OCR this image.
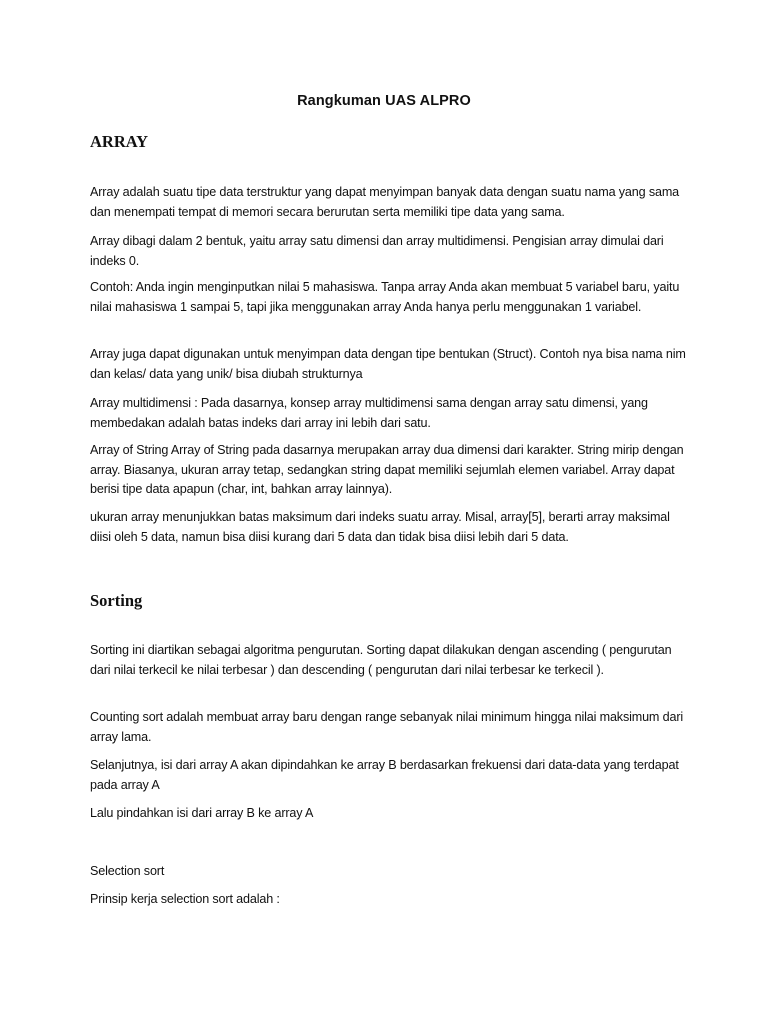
Rangkuman UAS ALPRO
ARRAY

Array adalah suatu tipe data terstruktur yang dapat menyimpan banyak data dengan suatu nama yang sama dan menempati tempat di memori secara berurutan serta memiliki tipe data yang sama.

Array dibagi dalam 2 bentuk, yaitu array satu dimensi dan array multidimensi. Pengisian array dimulai dari indeks 0.

Contoh: Anda ingin menginputkan nilai 5 mahasiswa. Tanpa array Anda akan membuat 5 variabel baru, yaitu nilai mahasiswa 1 sampai 5, tapi jika menggunakan array Anda hanya perlu menggunakan 1 variabel.

Array juga dapat digunakan untuk menyimpan data dengan tipe bentukan (Struct). Contoh nya bisa nama nim dan kelas/ data yang unik/ bisa diubah strukturnya

Array multidimensi : Pada dasarnya, konsep array multidimensi sama dengan array satu dimensi, yang membedakan adalah batas indeks dari array ini lebih dari satu.

Array of String Array of String pada dasarnya merupakan array dua dimensi dari karakter. String mirip dengan array. Biasanya, ukuran array tetap, sedangkan string dapat memiliki sejumlah elemen variabel. Array dapat berisi tipe data apapun (char, int, bahkan array lainnya).

ukuran array menunjukkan batas maksimum dari indeks suatu array. Misal, array[5], berarti array maksimal diisi oleh 5 data, namun bisa diisi kurang dari 5 data dan tidak bisa diisi lebih dari 5 data.

Sorting

Sorting ini diartikan sebagai algoritma pengurutan. Sorting dapat dilakukan dengan ascending ( pengurutan dari nilai terkecil ke nilai terbesar ) dan descending ( pengurutan dari nilai terbesar ke terkecil ).

Counting sort adalah membuat array baru dengan range sebanyak nilai minimum hingga nilai maksimum dari array lama.

Selanjutnya, isi dari array A akan dipindahkan ke array B berdasarkan frekuensi dari data-data yang terdapat pada array A

Lalu pindahkan isi dari array B ke array A

Selection sort

Prinsip kerja selection sort adalah :
